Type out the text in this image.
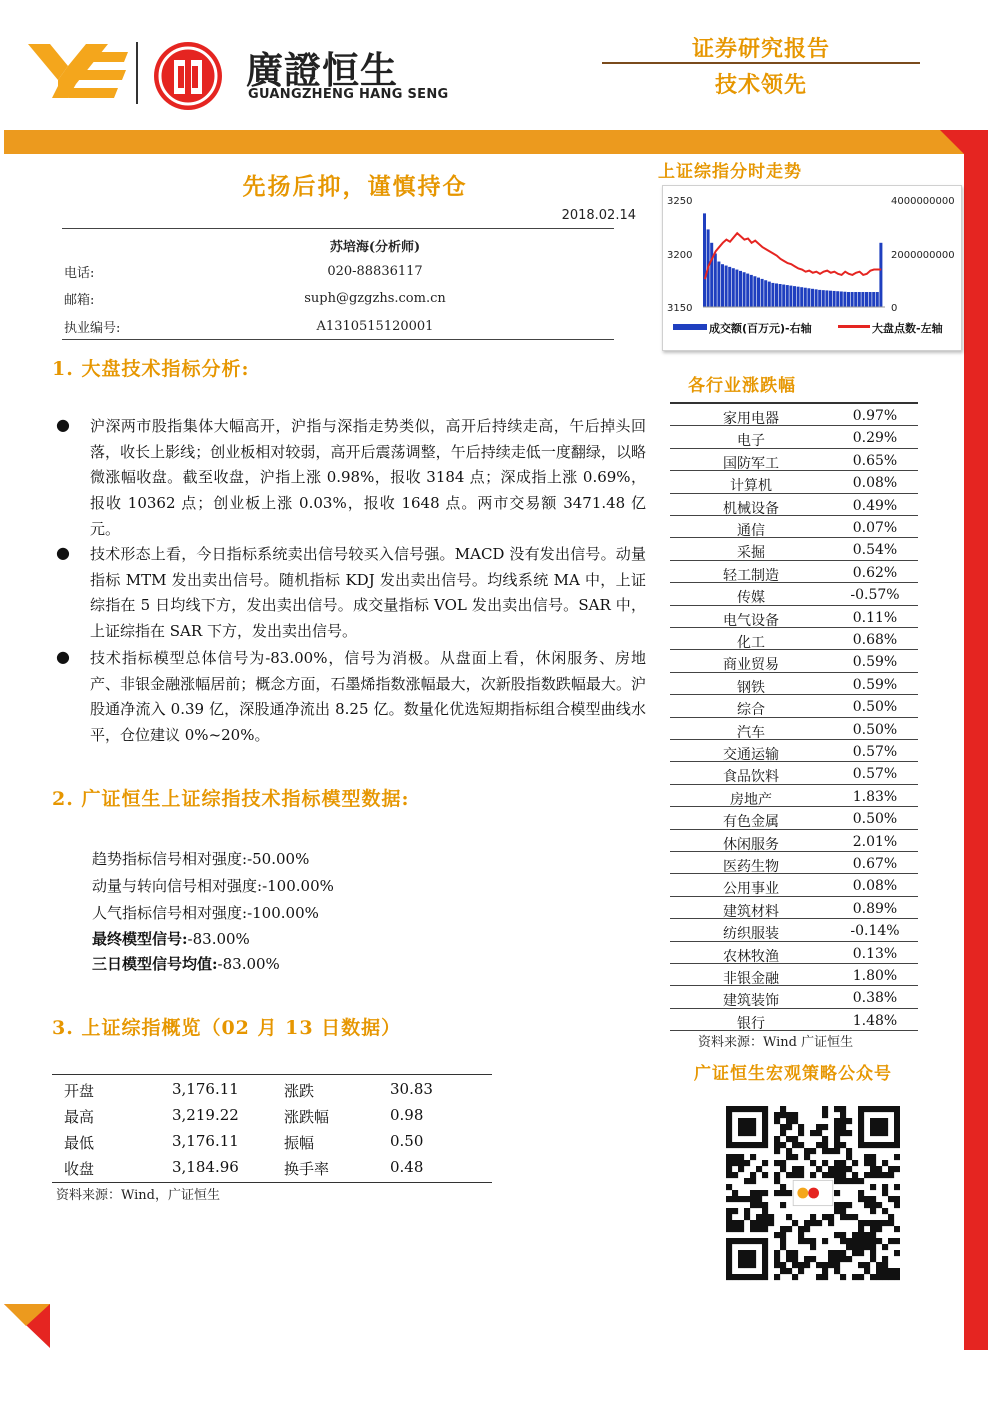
廣證恒生
GUANGZHENG HANG SENG
证券研究报告
技术领先
先扬后抑，谨慎持仓
2018.02.14
苏培海(分析师)
电话:	020-88836117
邮箱:	suph@gzgzhs.com.cn
执业编号:	A1310515120001
1. 大盘技术指标分析:
● 沪深两市股指集体大幅高开，沪指与深指走势类似，高开后持续走高，午后掉头回落，收长上影线；创业板相对较弱，高开后震荡调整，午后持续走低一度翻绿，以略微涨幅收盘。截至收盘，沪指上涨 0.98%，报收 3184 点；深成指上涨 0.69%，报收 10362 点；创业板上涨 0.03%，报收 1648 点。两市交易额 3471.48 亿元。
● 技术形态上看，今日指标系统卖出信号较买入信号强。MACD 没有发出信号。动量指标 MTM 发出卖出信号。随机指标 KDJ 发出卖出信号。均线系统 MA 中，上证综指在 5 日均线下方，发出卖出信号。成交量指标 VOL 发出卖出信号。SAR 中，上证综指在 SAR 下方，发出卖出信号。
● 技术指标模型总体信号为-83.00%，信号为消极。从盘面上看，休闲服务、房地产、非银金融涨幅居前；概念方面，石墨烯指数涨幅最大，次新股指数跌幅最大。沪股通净流入 0.39 亿，深股通净流出 8.25 亿。数量化优选短期指标组合模型曲线水平，仓位建议 0%~20%。
2. 广证恒生上证综指技术指标模型数据:
趋势指标信号相对强度:-50.00%
动量与转向信号相对强度:-100.00%
人气指标信号相对强度:-100.00%
最终模型信号:-83.00%
三日模型信号均值:-83.00%
3. 上证综指概览（02 月 13 日数据）
开盘	3,176.11	涨跌	30.83
最高	3,219.22	涨跌幅	0.98
最低	3,176.11	振幅	0.50
收盘	3,184.96	换手率	0.48
资料来源：Wind，广证恒生
上证综指分时走势
3250
3200
3150
4000000000
2000000000
0
成交额(百万元)-右轴	大盘点数-左轴
各行业涨跌幅
家用电器	0.97%
电子	0.29%
国防军工	0.65%
计算机	0.08%
机械设备	0.49%
通信	0.07%
采掘	0.54%
轻工制造	0.62%
传媒	-0.57%
电气设备	0.11%
化工	0.68%
商业贸易	0.59%
钢铁	0.59%
综合	0.50%
汽车	0.50%
交通运输	0.57%
食品饮料	0.57%
房地产	1.83%
有色金属	0.50%
休闲服务	2.01%
医药生物	0.67%
公用事业	0.08%
建筑材料	0.89%
纺织服装	-0.14%
农林牧渔	0.13%
非银金融	1.80%
建筑装饰	0.38%
银行	1.48%
资料来源：Wind 广证恒生
广证恒生宏观策略公众号
